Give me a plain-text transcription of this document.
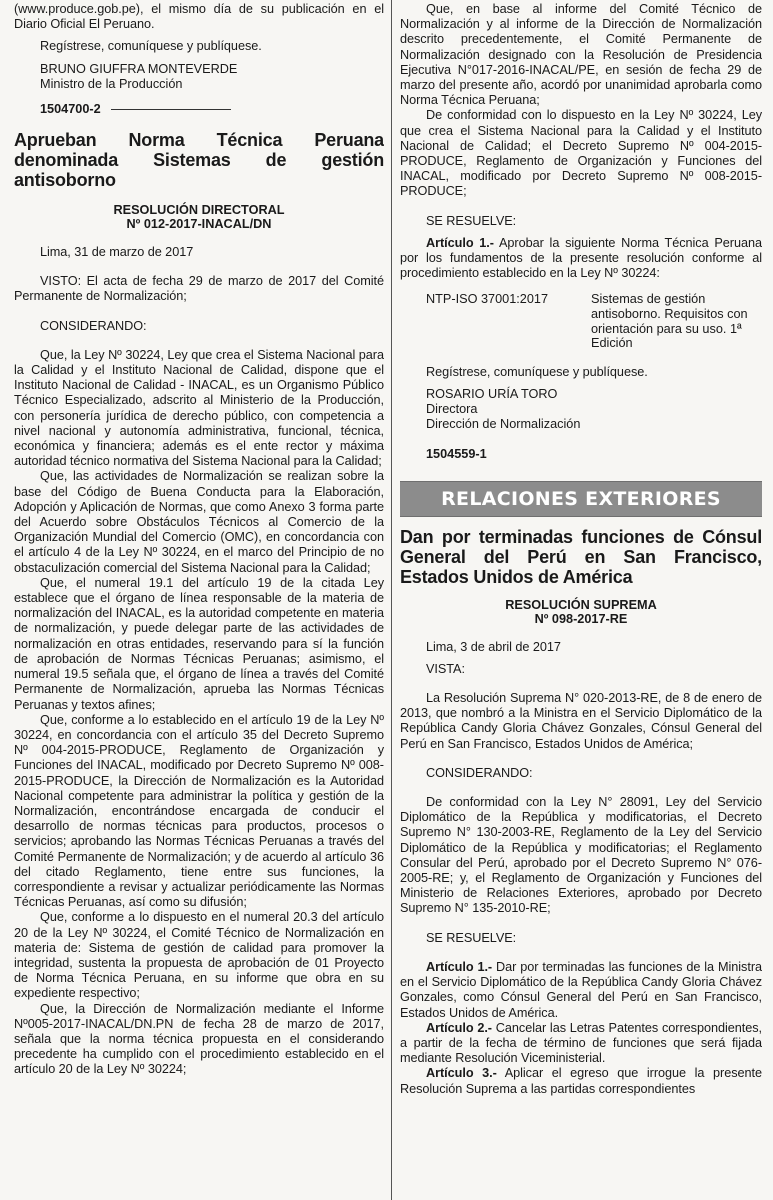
(www.produce.gob.pe), el mismo día de su publicación en el Diario Oficial El Peruano.

Regístrese, comuníquese y publíquese.

BRUNO GIUFFRA MONTEVERDE
Ministro de la Producción
1504700-2
Aprueban Norma Técnica Peruana denominada Sistemas de gestión antisoborno

RESOLUCIÓN DIRECTORAL

Nº 012-2017-INACAL/DN

Lima, 31 de marzo de 2017

VISTO: El acta de fecha 29 de marzo de 2017 del Comité Permanente de Normalización;

CONSIDERANDO:

Que, la Ley Nº 30224, Ley que crea el Sistema Nacional para la Calidad y el Instituto Nacional de Calidad, dispone que el Instituto Nacional de Calidad - INACAL, es un Organismo Público Técnico Especializado, adscrito al Ministerio de la Producción, con personería jurídica de derecho público, con competencia a nivel nacional y autonomía administrativa, funcional, técnica, económica y financiera; además es el ente rector y máxima autoridad técnico normativa del Sistema Nacional para la Calidad;

Que, las actividades de Normalización se realizan sobre la base del Código de Buena Conducta para la Elaboración, Adopción y Aplicación de Normas, que como Anexo 3 forma parte del Acuerdo sobre Obstáculos Técnicos al Comercio de la Organización Mundial del Comercio (OMC), en concordancia con el artículo 4 de la Ley Nº 30224, en el marco del Principio de no obstaculización comercial del Sistema Nacional para la Calidad;

Que, el numeral 19.1 del artículo 19 de la citada Ley establece que el órgano de línea responsable de la materia de normalización del INACAL, es la autoridad competente en materia de normalización, y puede delegar parte de las actividades de normalización en otras entidades, reservando para sí la función de aprobación de Normas Técnicas Peruanas; asimismo, el numeral 19.5 señala que, el órgano de línea a través del Comité Permanente de Normalización, aprueba las Normas Técnicas Peruanas y textos afines;

Que, conforme a lo establecido en el artículo 19 de la Ley Nº 30224, en concordancia con el artículo 35 del Decreto Supremo Nº 004-2015-PRODUCE, Reglamento de Organización y Funciones del INACAL, modificado por Decreto Supremo Nº 008-2015-PRODUCE, la Dirección de Normalización es la Autoridad Nacional competente para administrar la política y gestión de la Normalización, encontrándose encargada de conducir el desarrollo de normas técnicas para productos, procesos o servicios; aprobando las Normas Técnicas Peruanas a través del Comité Permanente de Normalización; y de acuerdo al artículo 36 del citado Reglamento, tiene entre sus funciones, la correspondiente a revisar y actualizar periódicamente las Normas Técnicas Peruanas, así como su difusión;

Que, conforme a lo dispuesto en el numeral 20.3 del artículo 20 de la Ley Nº 30224, el Comité Técnico de Normalización en materia de: Sistema de gestión de calidad para promover la integridad, sustenta la propuesta de aprobación de 01 Proyecto de Norma Técnica Peruana, en su informe que obra en su expediente respectivo;

Que, la Dirección de Normalización mediante el Informe Nº005-2017-INACAL/DN.PN de fecha 28 de marzo de 2017, señala que la norma técnica propuesta en el considerando precedente ha cumplido con el procedimiento establecido en el artículo 20 de la Ley Nº 30224;

Que, en base al informe del Comité Técnico de Normalización y al informe de la Dirección de Normalización descrito precedentemente, el Comité Permanente de Normalización designado con la Resolución de Presidencia Ejecutiva N°017-2016-INACAL/PE, en sesión de fecha 29 de marzo del presente año, acordó por unanimidad aprobarla como Norma Técnica Peruana;

De conformidad con lo dispuesto en la Ley Nº 30224, Ley que crea el Sistema Nacional para la Calidad y el Instituto Nacional de Calidad; el Decreto Supremo Nº 004-2015-PRODUCE, Reglamento de Organización y Funciones del INACAL, modificado por Decreto Supremo Nº 008-2015-PRODUCE;

SE RESUELVE:

Artículo 1.- Aprobar la siguiente Norma Técnica Peruana por los fundamentos de la presente resolución conforme al procedimiento establecido en la Ley Nº 30224:

NTP-ISO 37001:2017	Sistemas de gestión antisoborno. Requisitos con orientación para su uso. 1ª Edición

Regístrese, comuníquese y publíquese.

ROSARIO URÍA TORO
Directora
Dirección de Normalización
1504559-1
RELACIONES EXTERIORES
Dan por terminadas funciones de Cónsul General del Perú en San Francisco, Estados Unidos de América

RESOLUCIÓN SUPREMA

Nº 098-2017-RE

Lima, 3 de abril de 2017

VISTA:

La Resolución Suprema N° 020-2013-RE, de 8 de enero de 2013, que nombró a la Ministra en el Servicio Diplomático de la República Candy Gloria Chávez Gonzales, Cónsul General del Perú en San Francisco, Estados Unidos de América;

CONSIDERANDO:

De conformidad con la Ley N° 28091, Ley del Servicio Diplomático de la República y modificatorias, el Decreto Supremo N° 130-2003-RE, Reglamento de la Ley del Servicio Diplomático de la República y modificatorias; el Reglamento Consular del Perú, aprobado por el Decreto Supremo N° 076-2005-RE; y, el Reglamento de Organización y Funciones del Ministerio de Relaciones Exteriores, aprobado por Decreto Supremo N° 135-2010-RE;

SE RESUELVE:

Artículo 1.- Dar por terminadas las funciones de la Ministra en el Servicio Diplomático de la República Candy Gloria Chávez Gonzales, como Cónsul General del Perú en San Francisco, Estados Unidos de América.

Artículo 2.- Cancelar las Letras Patentes correspondientes, a partir de la fecha de término de funciones que será fijada mediante Resolución Viceministerial.

Artículo 3.- Aplicar el egreso que irrogue la presente Resolución Suprema a las partidas correspondientes
